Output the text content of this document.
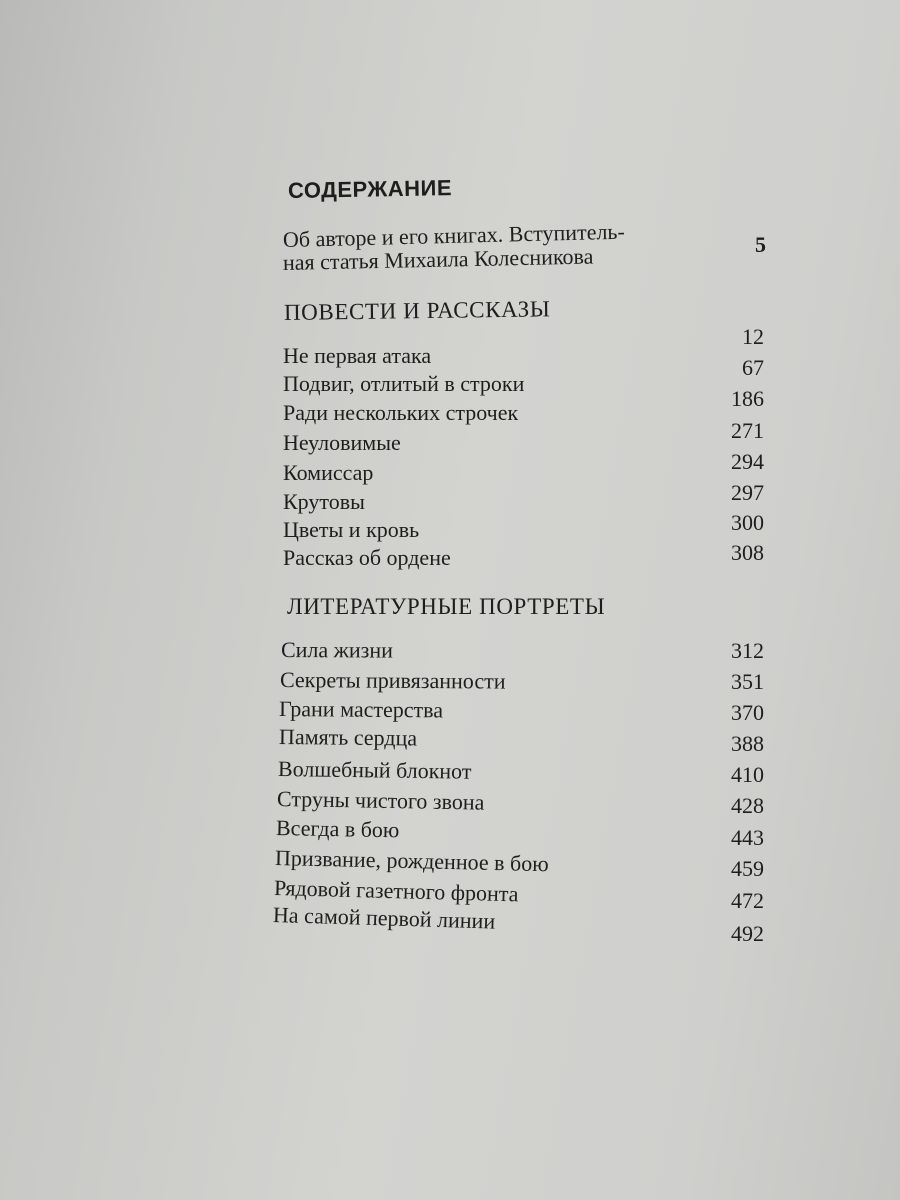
СОДЕРЖАНИЕ
Об авторе и его книгах. Вступитель-
ная статья Михаила Колесникова	5
ПОВЕСТИ И РАССКАЗЫ
Не первая атака
Подвиг, отлитый в строки
Ради нескольких строчек
Неуловимые
Комиссар
Крутовы
Цветы и кровь
Рассказ об ордене
12
67
186
271
294
297
300
308
ЛИТЕРАТУРНЫЕ ПОРТРЕТЫ
Сила жизни
Секреты привязанности
Грани мастерства
Память сердца
Волшебный блокнот
Струны чистого звона
Всегда в бою
Призвание, рожденное в бою
Рядовой газетного фронта
На самой первой линии
312
351
370
388
410
428
443
459
472
492
